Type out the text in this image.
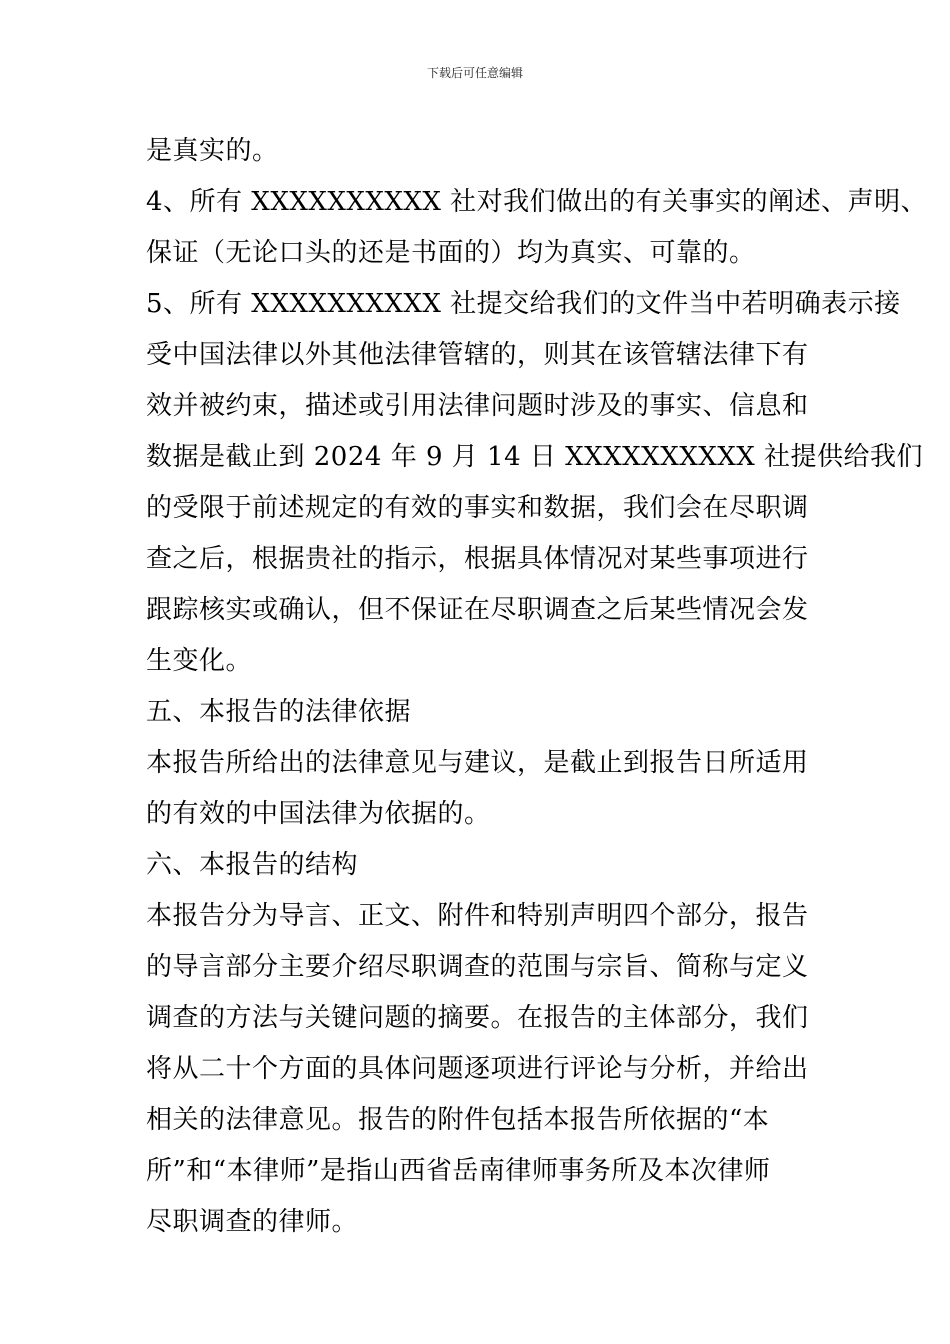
下载后可任意编辑
是真实的。
4、所有 XXXXXXXXXX 社对我们做出的有关事实的阐述、声明、
保证（无论口头的还是书面的）均为真实、可靠的。
5、所有 XXXXXXXXXX 社提交给我们的文件当中若明确表示接
受中国法律以外其他法律管辖的，则其在该管辖法律下有
效并被约束，描述或引用法律问题时涉及的事实、信息和
数据是截止到 2024 年 9 月 14 日 XXXXXXXXXX 社提供给我们
的受限于前述规定的有效的事实和数据，我们会在尽职调
查之后，根据贵社的指示，根据具体情况对某些事项进行
跟踪核实或确认，但不保证在尽职调查之后某些情况会发
生变化。
五、本报告的法律依据
本报告所给出的法律意见与建议，是截止到报告日所适用
的有效的中国法律为依据的。
六、本报告的结构
本报告分为导言、正文、附件和特别声明四个部分，报告
的导言部分主要介绍尽职调查的范围与宗旨、简称与定义
调查的方法与关键问题的摘要。在报告的主体部分，我们
将从二十个方面的具体问题逐项进行评论与分析，并给出
相关的法律意见。报告的附件包括本报告所依据的“本
所”和“本律师”是指山西省岳南律师事务所及本次律师
尽职调查的律师。
